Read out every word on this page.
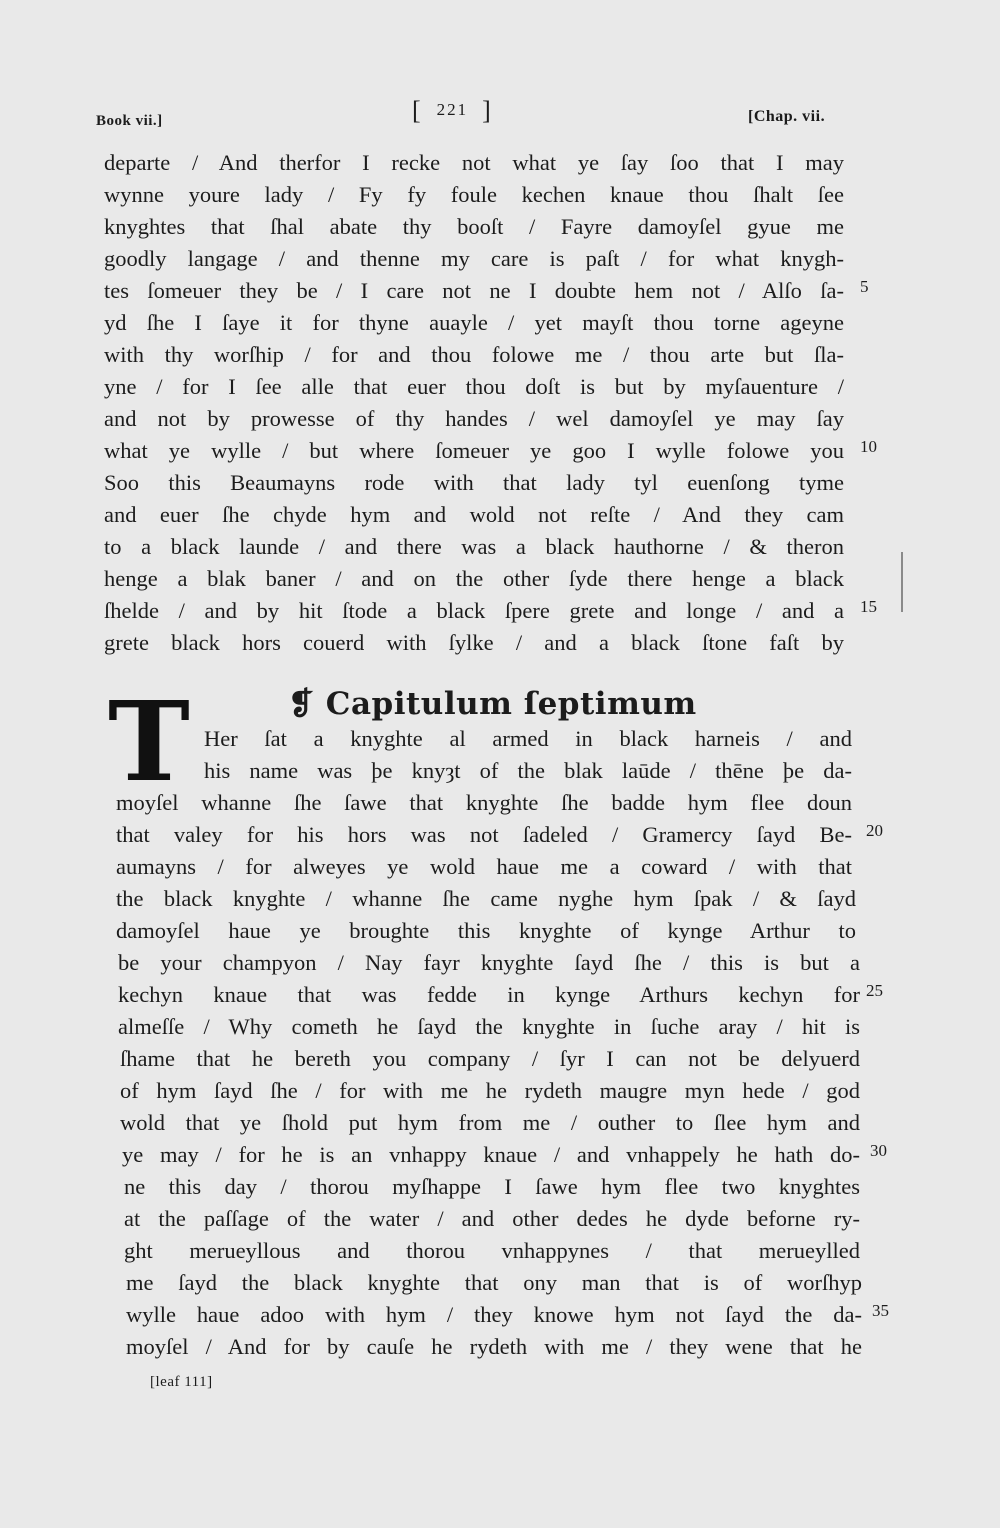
Book vii.]	[ 221 ]	[Chap. vii.
departe / And therfor I recke not what ye ſay ſoo that I may
wynne youre lady / Fy fy foule kechen knaue thou ſhalt ſee
knyghtes that ſhal abate thy booſt / Fayre damoyſel gyue me
goodly langage / and thenne my care is paſt / for what knygh-
tes ſomeuer they be / I care not ne I doubte hem not / Alſo ſa-
yd ſhe I ſaye it for thyne auayle / yet mayſt thou torne ageyne
with thy worſhip / for and thou folowe me / thou arte but ſla-
yne / for I ſee alle that euer thou doſt is but by myſauenture /
and not by prowesse of thy handes / wel damoyſel ye may ſay
what ye wylle / but where ſomeuer ye goo I wylle folowe you
Soo this Beaumayns rode with that lady tyl euenſong tyme
and euer ſhe chyde hym and wold not reſte / And they cam
to a black launde / and there was a black hauthorne / & theron
henge a blak baner / and on the other ſyde there henge a black
ſhelde / and by hit ſtode a black ſpere grete and longe / and a
grete black hors couerd with ſylke / and a black ſtone faſt by
5
10
15
T	❡ Capitulum ſeptimum
Her ſat a knyghte al armed in black harneis / and
his name was þe knyȝt of the blak laūde / thēne þe da-
moyſel whanne ſhe ſawe that knyghte ſhe badde hym flee doun
that valey for his hors was not ſadeled / Gramercy ſayd Be-
aumayns / for alweyes ye wold haue me a coward / with that
the black knyghte / whanne ſhe came nyghe hym ſpak / & ſayd
damoyſel haue ye broughte this knyghte of kynge Arthur to
be your champyon / Nay fayr knyghte ſayd ſhe / this is but a
kechyn knaue that was fedde in kynge Arthurs kechyn for
almeſſe / Why cometh he ſayd the knyghte in ſuche aray / hit is
ſhame that he bereth you company / ſyr I can not be delyuerd
of hym ſayd ſhe / for with me he rydeth maugre myn hede / god
wold that ye ſhold put hym from me / outher to ſlee hym and
ye may / for he is an vnhappy knaue / and vnhappely he hath do-
ne this day / thorou myſhappe I ſawe hym flee two knyghtes
at the paſſage of the water / and other dedes he dyde beforne ry-
ght merueyllous and thorou vnhappynes / that merueylled
me ſayd the black knyghte that ony man that is of worſhyp
wylle haue adoo with hym / they knowe hym not ſayd the da-
moyſel / And for by cauſe he rydeth with me / they wene that he
20
25
30
35
[leaf 111]
